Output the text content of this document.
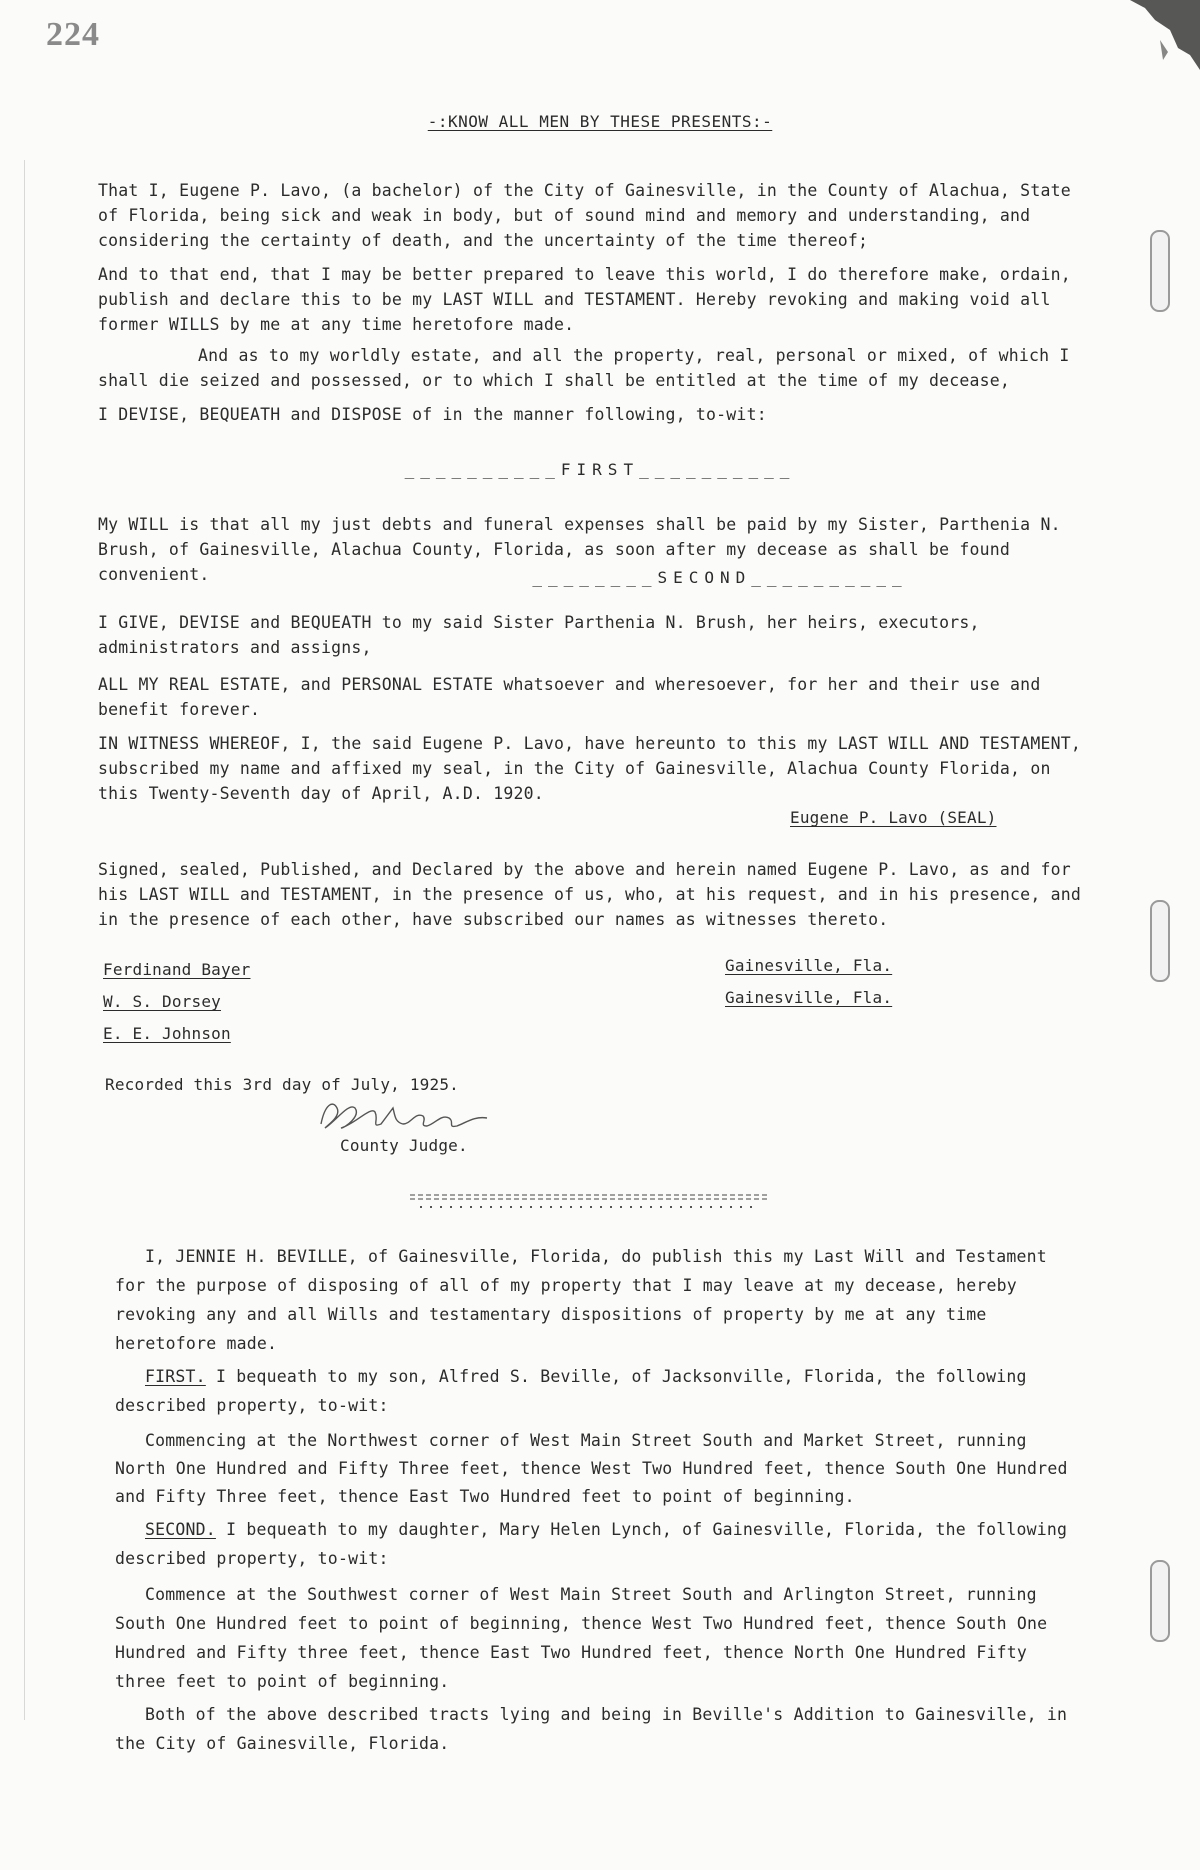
224
-:KNOW ALL MEN BY THESE PRESENTS:-

That I, Eugene P. Lavo, (a bachelor) of the City of Gainesville, in the County of Alachua, State of Florida, being sick and weak in body, but of sound mind and memory and understanding, and considering the certainty of death, and the uncertainty of the time thereof;

And to that end, that I may be better prepared to leave this world, I do therefore make, ordain, publish and declare this to be my LAST WILL and TESTAMENT. Hereby revoking and making void all former WILLS by me at any time heretofore made.

And as to my worldly estate, and all the property, real, personal or mixed, of which I shall die seized and possessed, or to which I shall be entitled at the time of my decease,

I DEVISE, BEQUEATH and DISPOSE of in the manner following, to-wit:

__________FIRST__________

My WILL is that all my just debts and funeral expenses shall be paid by my Sister, Parthenia N. Brush, of Gainesville, Alachua County, Florida, as soon after my decease as shall be found convenient.	________SECOND__________

I GIVE, DEVISE and BEQUEATH to my said Sister Parthenia N. Brush, her heirs, executors, administrators and assigns,

ALL MY REAL ESTATE, and PERSONAL ESTATE whatsoever and wheresoever, for her and their use and benefit forever.

IN WITNESS WHEREOF, I, the said Eugene P. Lavo, have hereunto to this my LAST WILL AND TESTAMENT, subscribed my name and affixed my seal, in the City of Gainesville, Alachua County Florida, on this Twenty-Seventh day of April, A.D. 1920.

Eugene P. Lavo (SEAL)

Signed, sealed, Published, and Declared by the above and herein named Eugene P. Lavo, as and for his LAST WILL and TESTAMENT, in the presence of us, who, at his request, and in his presence, and in the presence of each other, have subscribed our names as witnesses thereto.

Ferdinand Bayer
W. S. Dorsey
E. E. Johnson
Gainesville, Fla.
Gainesville, Fla.
Recorded this 3rd day of July, 1925.
County Judge.

I, JENNIE H. BEVILLE, of Gainesville, Florida, do publish this my Last Will and Testament for the purpose of disposing of all of my property that I may leave at my decease, hereby revoking any and all Wills and testamentary dispositions of property by me at any time heretofore made.

FIRST. I bequeath to my son, Alfred S. Beville, of Jacksonville, Florida, the following described property, to-wit:

Commencing at the Northwest corner of West Main Street South and Market Street, running North One Hundred and Fifty Three feet, thence West Two Hundred feet, thence South One Hundred and Fifty Three feet, thence East Two Hundred feet to point of beginning.

SECOND. I bequeath to my daughter, Mary Helen Lynch, of Gainesville, Florida, the following described property, to-wit:

Commence at the Southwest corner of West Main Street South and Arlington Street, running South One Hundred feet to point of beginning, thence West Two Hundred feet, thence South One Hundred and Fifty three feet, thence East Two Hundred feet, thence North One Hundred Fifty three feet to point of beginning.

Both of the above described tracts lying and being in Beville's Addition to Gainesville, in the City of Gainesville, Florida.
